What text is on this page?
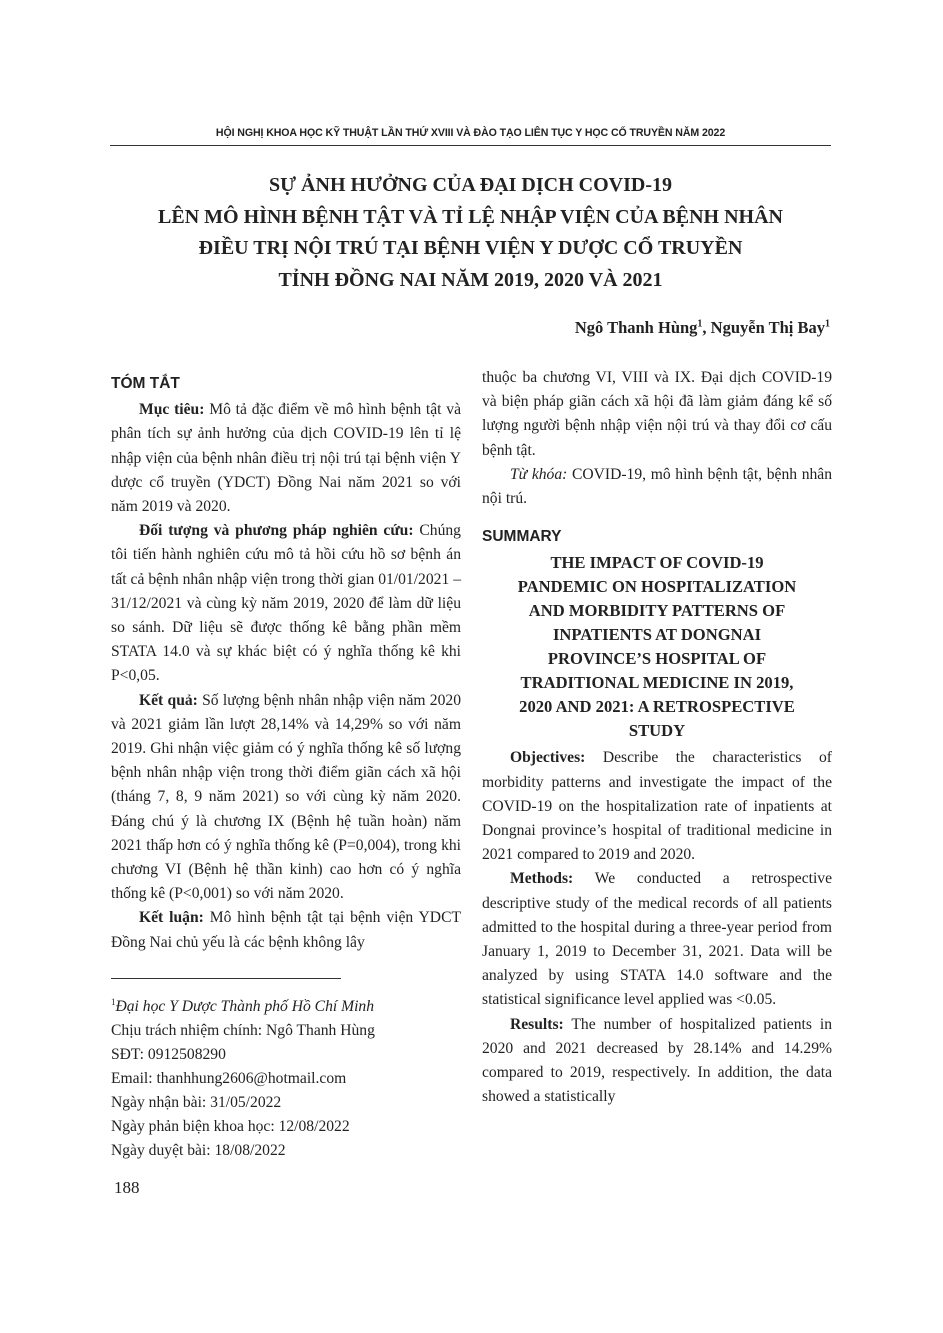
HỘI NGHỊ KHOA HỌC KỸ THUẬT LẦN THỨ XVIII VÀ ĐÀO TẠO LIÊN TỤC Y HỌC CỔ TRUYỀN NĂM 2022
SỰ ẢNH HƯỞNG CỦA ĐẠI DỊCH COVID-19
LÊN MÔ HÌNH BỆNH TẬT VÀ TỈ LỆ NHẬP VIỆN CỦA BỆNH NHÂN
ĐIỀU TRỊ NỘI TRÚ TẠI BỆNH VIỆN Y DƯỢC CỔ TRUYỀN
TỈNH ĐỒNG NAI NĂM 2019, 2020 VÀ 2021
Ngô Thanh Hùng$^1$, Nguyễn Thị Bay$^1$
TÓM TẮT

Mục tiêu: Mô tả đặc điểm về mô hình bệnh tật và phân tích sự ảnh hưởng của dịch COVID-19 lên tỉ lệ nhập viện của bệnh nhân điều trị nội trú tại bệnh viện Y dược cổ truyền (YDCT) Đồng Nai năm 2021 so với năm 2019 và 2020.

Đối tượng và phương pháp nghiên cứu: Chúng tôi tiến hành nghiên cứu mô tả hồi cứu hồ sơ bệnh án tất cả bệnh nhân nhập viện trong thời gian 01/01/2021 – 31/12/2021 và cùng kỳ năm 2019, 2020 để làm dữ liệu so sánh. Dữ liệu sẽ được thống kê bằng phần mềm STATA 14.0 và sự khác biệt có ý nghĩa thống kê khi P<0,05.

Kết quả: Số lượng bệnh nhân nhập viện năm 2020 và 2021 giảm lần lượt 28,14% và 14,29% so với năm 2019. Ghi nhận việc giảm có ý nghĩa thống kê số lượng bệnh nhân nhập viện trong thời điểm giãn cách xã hội (tháng 7, 8, 9 năm 2021) so với cùng kỳ năm 2020. Đáng chú ý là chương IX (Bệnh hệ tuần hoàn) năm 2021 thấp hơn có ý nghĩa thống kê (P=0,004), trong khi chương VI (Bệnh hệ thần kinh) cao hơn có ý nghĩa thống kê (P<0,001) so với năm 2020.

Kết luận: Mô hình bệnh tật tại bệnh viện YDCT Đồng Nai chủ yếu là các bệnh không lây

$^1$Đại học Y Dược Thành phố Hồ Chí Minh
Chịu trách nhiệm chính: Ngô Thanh Hùng
SĐT: 0912508290
Email: thanhhung2606@hotmail.com
Ngày nhận bài: 31/05/2022
Ngày phản biện khoa học: 12/08/2022
Ngày duyệt bài: 18/08/2022

thuộc ba chương VI, VIII và IX. Đại dịch COVID-19 và biện pháp giãn cách xã hội đã làm giảm đáng kể số lượng người bệnh nhập viện nội trú và thay đổi cơ cấu bệnh tật.

Từ khóa: COVID-19, mô hình bệnh tật, bệnh nhân nội trú.

SUMMARY
THE IMPACT OF COVID-19
PANDEMIC ON HOSPITALIZATION
AND MORBIDITY PATTERNS OF
INPATIENTS AT DONGNAI
PROVINCE’S HOSPITAL OF
TRADITIONAL MEDICINE IN 2019,
2020 AND 2021: A RETROSPECTIVE
STUDY

Objectives: Describe the characteristics of morbidity patterns and investigate the impact of the COVID-19 on the hospitalization rate of inpatients at Dongnai province’s hospital of traditional medicine in 2021 compared to 2019 and 2020.

Methods: We conducted a retrospective descriptive study of the medical records of all patients admitted to the hospital during a three-year period from January 1, 2019 to December 31, 2021. Data will be analyzed by using STATA 14.0 software and the statistical significance level applied was <0.05.

Results: The number of hospitalized patients in 2020 and 2021 decreased by 28.14% and 14.29% compared to 2019, respectively. In addition, the data showed a statistically

188
